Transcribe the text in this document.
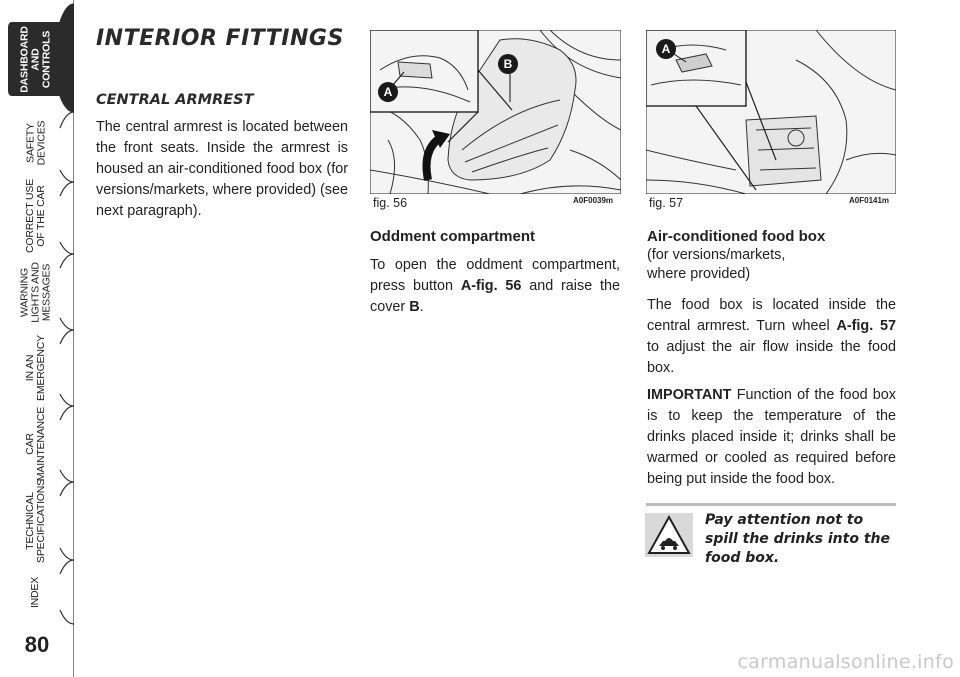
DASHBOARD
AND
CONTROLS
SAFETY
DEVICES
CORRECT USE
OF THE CAR
WARNING
LIGHTS AND
MESSAGES
IN AN
EMERGENCY
CAR
MAINTENANCE
TECHNICAL
SPECIFICATIONS
INDEX
80
INTERIOR FITTINGS
CENTRAL ARMREST
The central armrest is located between the front seats. Inside the armrest is housed an air-conditioned food box (for versions/markets, where provided) (see next paragraph).
A
B
fig. 56	A0F0039m
A
fig. 57	A0F0141m
Oddment compartment
To open the oddment compartment, press button A-fig. 56 and raise the cover B.
Air-conditioned food box
(for versions/markets, where provided)

The food box is located inside the central armrest. Turn wheel A-fig. 57 to adjust the air flow inside the food box.

IMPORTANT Function of the food box is to keep the temperature of the drinks placed inside it; drinks shall be warmed or cooled as required before being put inside the food box.

Pay attention not to spill the drinks into the food box.
carmanualsonline.info
